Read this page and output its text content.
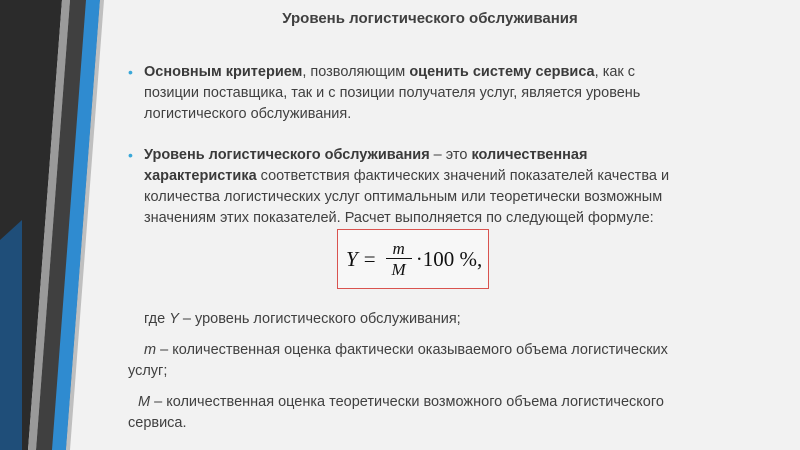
Уровень логистического обслуживания
• Основным критерием, позволяющим оценить систему сервиса, как с
позиции поставщика, так и с позиции получателя услуг, является уровень
логистического обслуживания.
• Уровень логистического обслуживания – это количественная
характеристика соответствия фактических значений показателей качества и
количества логистических услуг оптимальным или теоретически возможным
значениям этих показателей. Расчет выполняется по следующей формуле:
$Y = \frac{m}{M} \cdot 100$ %,
где Y – уровень логистического обслуживания;
m – количественная оценка фактически оказываемого объема логистических
услуг;
M – количественная оценка теоретически возможного объема логистического
сервиса.
